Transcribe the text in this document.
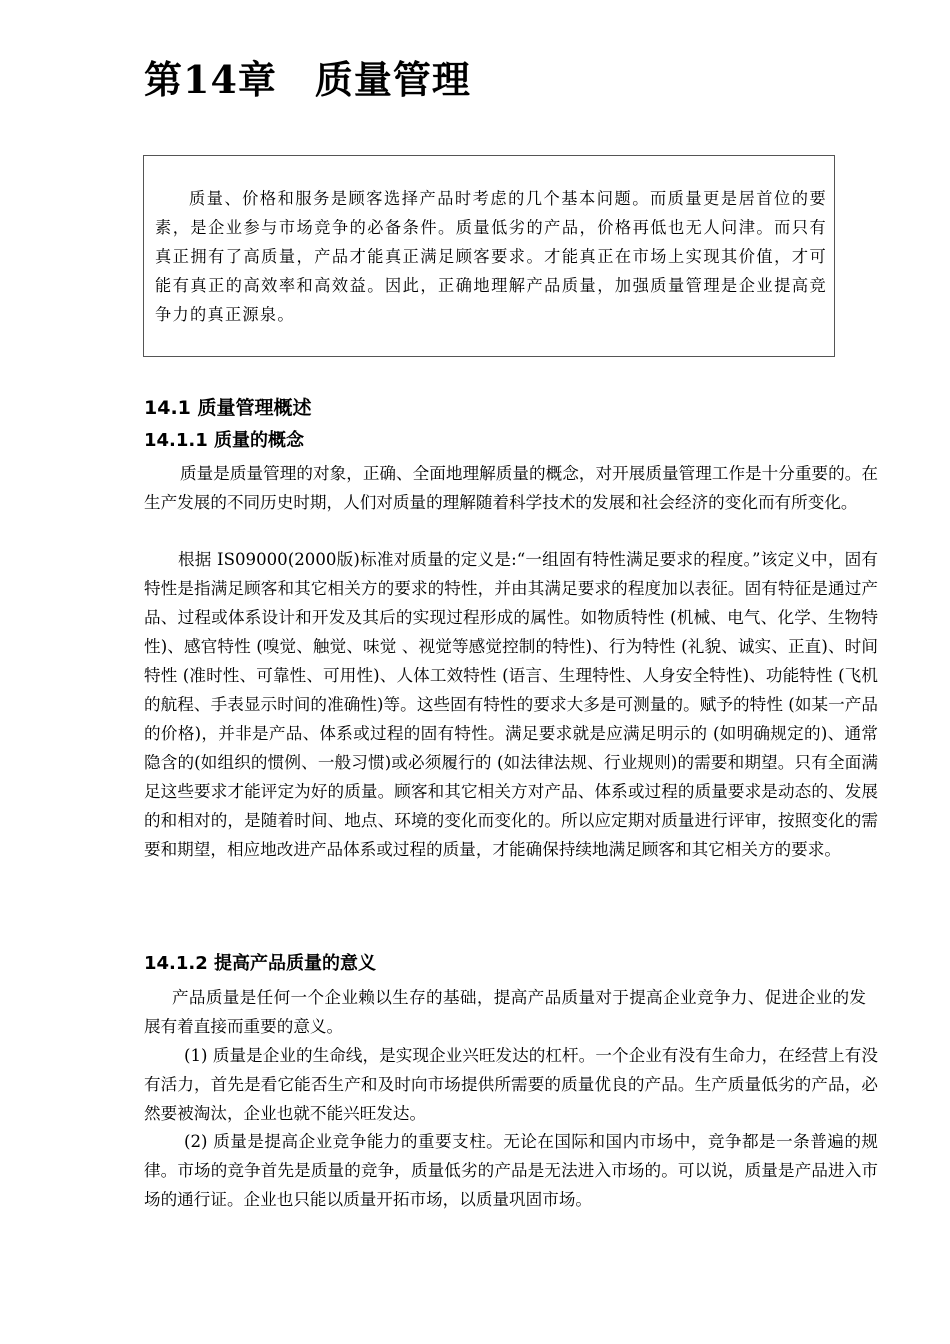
第14章 质量管理

质量、价格和服务是顾客选择产品时考虑的几个基本问题。而质量更是居首位的要素，是企业参与市场竞争的必备条件。质量低劣的产品，价格再低也无人问津。而只有真正拥有了高质量，产品才能真正满足顾客要求。才能真正在市场上实现其价值，才可能有真正的高效率和高效益。因此，正确地理解产品质量，加强质量管理是企业提高竞争力的真正源泉。

14.1 质量管理概述
14.1.1 质量的概念

质量是质量管理的对象，正确、全面地理解质量的概念，对开展质量管理工作是十分重要的。在生产发展的不同历史时期，人们对质量的理解随着科学技术的发展和社会经济的变化而有所变化。

根据 IS09000(2000版)标准对质量的定义是:“一组固有特性满足要求的程度。”该定义中，固有特性是指满足顾客和其它相关方的要求的特性，并由其满足要求的程度加以表征。固有特征是通过产品、过程或体系设计和开发及其后的实现过程形成的属性。如物质特性 (机械、电气、化学、生物特性)、感官特性 (嗅觉、触觉、味觉 、视觉等感觉控制的特性)、行为特性 (礼貌、诚实、正直)、时间特性 (准时性、可靠性、可用性)、人体工效特性 (语言、生理特性、人身安全特性)、功能特性 (飞机的航程、手表显示时间的准确性)等。这些固有特性的要求大多是可测量的。赋予的特性 (如某一产品的价格)，并非是产品、体系或过程的固有特性。满足要求就是应满足明示的 (如明确规定的)、通常隐含的(如组织的惯例、一般习惯)或必须履行的 (如法律法规、行业规则)的需要和期望。只有全面满足这些要求才能评定为好的质量。顾客和其它相关方对产品、体系或过程的质量要求是动态的、发展的和相对的，是随着时间、地点、环境的变化而变化的。所以应定期对质量进行评审，按照变化的需要和期望，相应地改进产品体系或过程的质量，才能确保持续地满足顾客和其它相关方的要求。

14.1.2 提高产品质量的意义

产品质量是任何一个企业赖以生存的基础，提高产品质量对于提高企业竞争力、促进企业的发展有着直接而重要的意义。

(1) 质量是企业的生命线，是实现企业兴旺发达的杠杆。一个企业有没有生命力，在经营上有没有活力，首先是看它能否生产和及时向市场提供所需要的质量优良的产品。生产质量低劣的产品，必然要被淘汰，企业也就不能兴旺发达。

(2) 质量是提高企业竞争能力的重要支柱。无论在国际和国内市场中，竞争都是一条普遍的规律。市场的竞争首先是质量的竞争，质量低劣的产品是无法进入市场的。可以说，质量是产品进入市场的通行证。企业也只能以质量开拓市场，以质量巩固市场。
